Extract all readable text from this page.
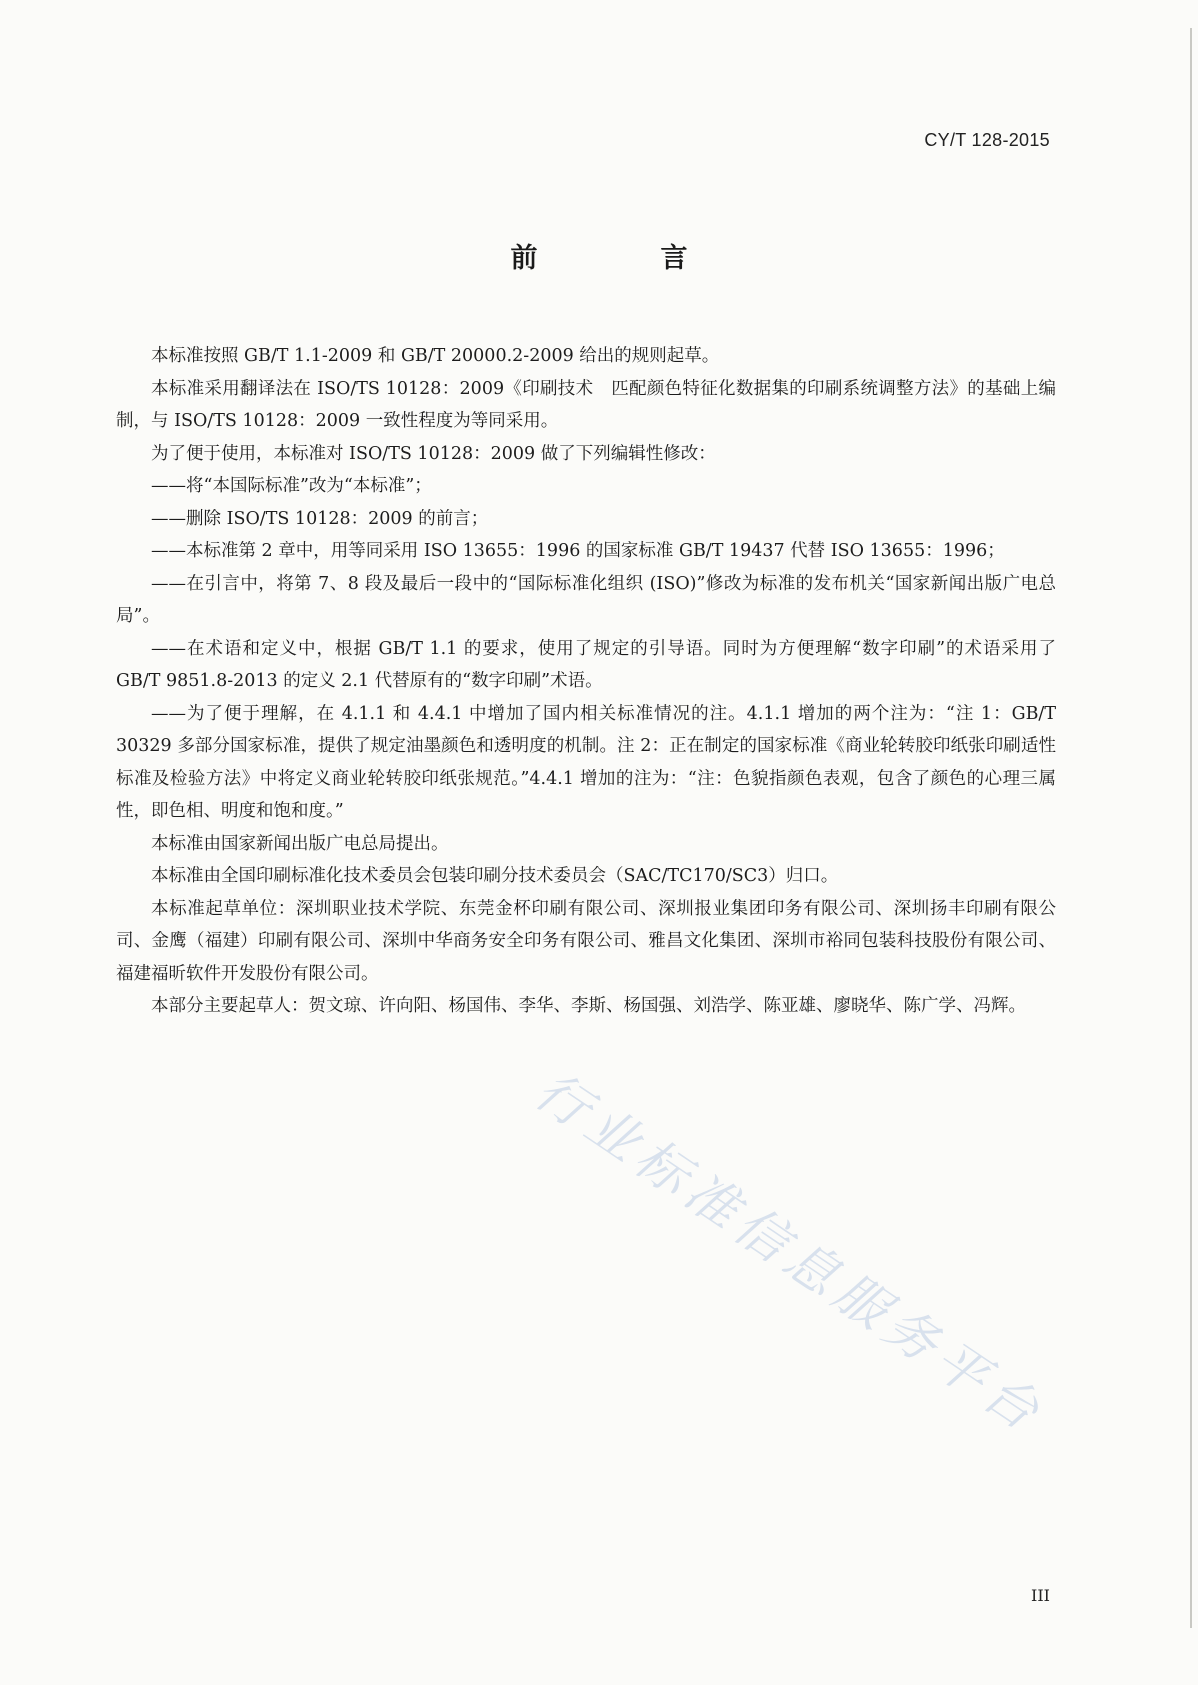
CY/T 128-2015
前　言

本标准按照 GB/T 1.1-2009 和 GB/T 20000.2-2009 给出的规则起草。

本标准采用翻译法在 ISO/TS 10128：2009《印刷技术　匹配颜色特征化数据集的印刷系统调整方法》的基础上编制，与 ISO/TS 10128：2009 一致性程度为等同采用。

为了便于使用，本标准对 ISO/TS 10128：2009 做了下列编辑性修改：

——将“本国际标准”改为“本标准”；

——删除 ISO/TS 10128：2009 的前言；

——本标准第 2 章中，用等同采用 ISO 13655：1996 的国家标准 GB/T 19437 代替 ISO 13655：1996；

——在引言中，将第 7、8 段及最后一段中的“国际标准化组织 (ISO)”修改为标准的发布机关“国家新闻出版广电总局”。

——在术语和定义中，根据 GB/T 1.1 的要求，使用了规定的引导语。同时为方便理解“数字印刷”的术语采用了 GB/T 9851.8-2013 的定义 2.1 代替原有的“数字印刷”术语。

——为了便于理解，在 4.1.1 和 4.4.1 中增加了国内相关标准情况的注。4.1.1 增加的两个注为：“注 1：GB/T 30329 多部分国家标准，提供了规定油墨颜色和透明度的机制。注 2：正在制定的国家标准《商业轮转胶印纸张印刷适性标准及检验方法》中将定义商业轮转胶印纸张规范。”4.4.1 增加的注为：“注：色貌指颜色表观，包含了颜色的心理三属性，即色相、明度和饱和度。”

本标准由国家新闻出版广电总局提出。

本标准由全国印刷标准化技术委员会包装印刷分技术委员会（SAC/TC170/SC3）归口。

本标准起草单位：深圳职业技术学院、东莞金杯印刷有限公司、深圳报业集团印务有限公司、深圳扬丰印刷有限公司、金鹰（福建）印刷有限公司、深圳中华商务安全印务有限公司、雅昌文化集团、深圳市裕同包装科技股份有限公司、福建福昕软件开发股份有限公司。

本部分主要起草人：贺文琼、许向阳、杨国伟、李华、李斯、杨国强、刘浩学、陈亚雄、廖晓华、陈广学、冯辉。

行业标准信息服务平台
III
